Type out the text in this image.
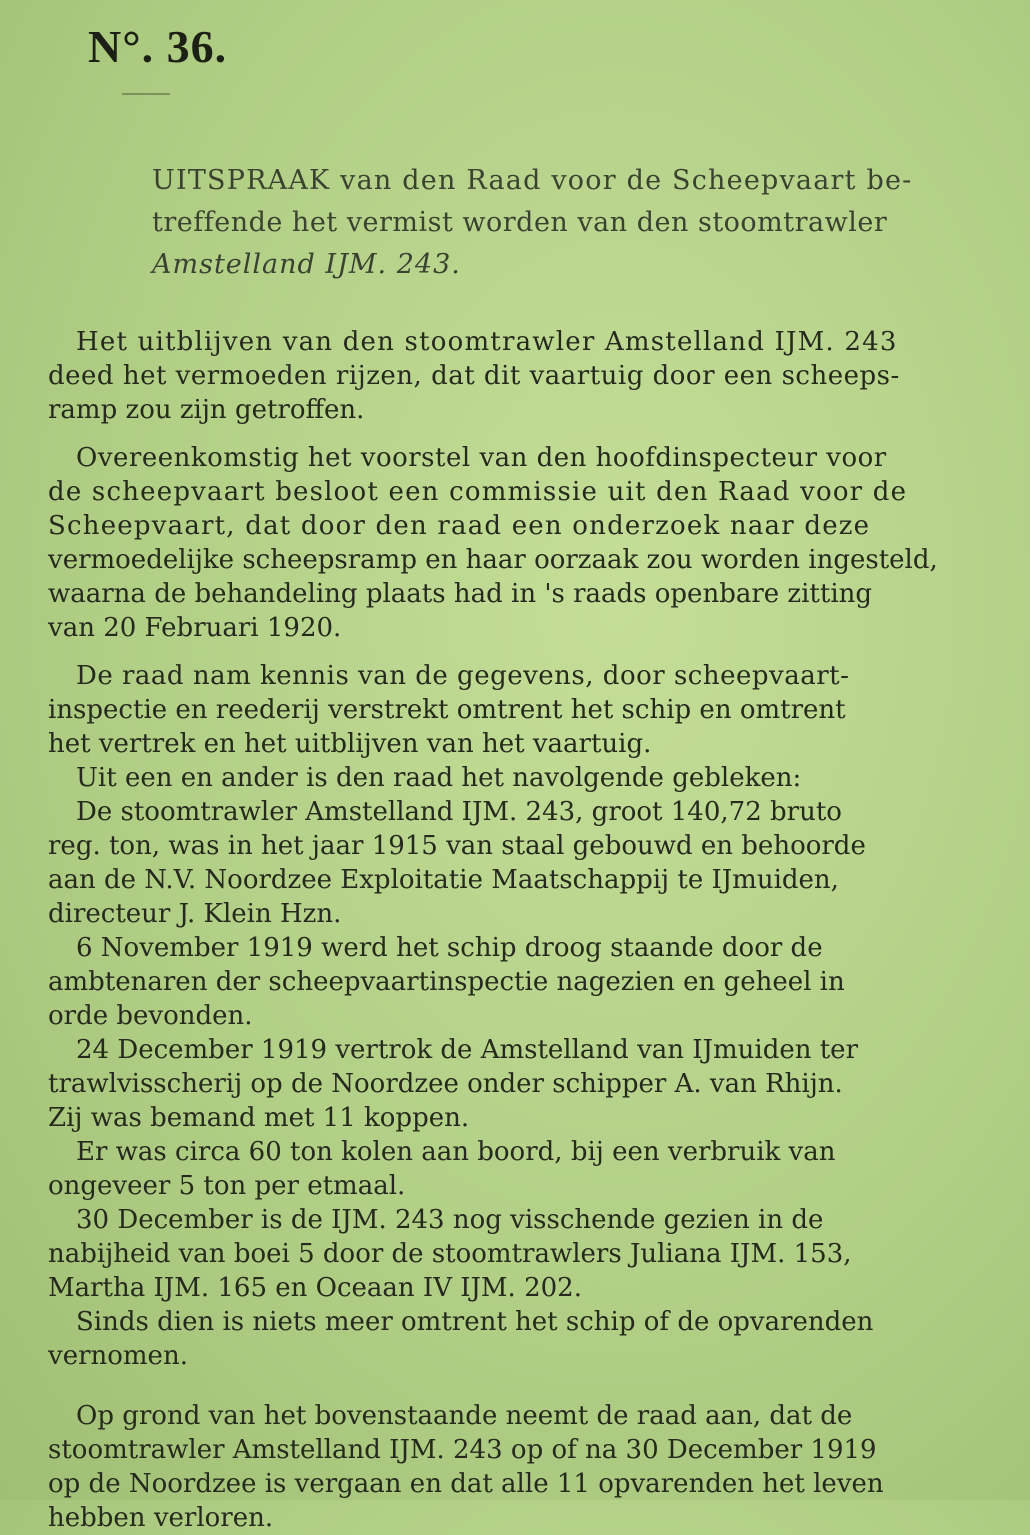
N°. 36.
UITSPRAAK van den Raad voor de Scheepvaart be-
treffende het vermist worden van den stoomtrawler
Amstelland IJM. 243.
Het uitblijven van den stoomtrawler Amstelland IJM. 243
deed het vermoeden rijzen, dat dit vaartuig door een scheeps-
ramp zou zijn getroffen.
Overeenkomstig het voorstel van den hoofdinspecteur voor
de scheepvaart besloot een commissie uit den Raad voor de
Scheepvaart, dat door den raad een onderzoek naar deze
vermoedelijke scheepsramp en haar oorzaak zou worden ingesteld,
waarna de behandeling plaats had in 's raads openbare zitting
van 20 Februari 1920.
De raad nam kennis van de gegevens, door scheepvaart-
inspectie en reederij verstrekt omtrent het schip en omtrent
het vertrek en het uitblijven van het vaartuig.
Uit een en ander is den raad het navolgende gebleken:
De stoomtrawler Amstelland IJM. 243, groot 140,72 bruto
reg. ton, was in het jaar 1915 van staal gebouwd en behoorde
aan de N.V. Noordzee Exploitatie Maatschappij te IJmuiden,
directeur J. Klein Hzn.
6 November 1919 werd het schip droog staande door de
ambtenaren der scheepvaartinspectie nagezien en geheel in
orde bevonden.
24 December 1919 vertrok de Amstelland van IJmuiden ter
trawlvisscherij op de Noordzee onder schipper A. van Rhijn.
Zij was bemand met 11 koppen.
Er was circa 60 ton kolen aan boord, bij een verbruik van
ongeveer 5 ton per etmaal.
30 December is de IJM. 243 nog visschende gezien in de
nabijheid van boei 5 door de stoomtrawlers Juliana IJM. 153,
Martha IJM. 165 en Oceaan IV IJM. 202.
Sinds dien is niets meer omtrent het schip of de opvarenden
vernomen.
Op grond van het bovenstaande neemt de raad aan, dat de
stoomtrawler Amstelland IJM. 243 op of na 30 December 1919
op de Noordzee is vergaan en dat alle 11 opvarenden het leven
hebben verloren.
